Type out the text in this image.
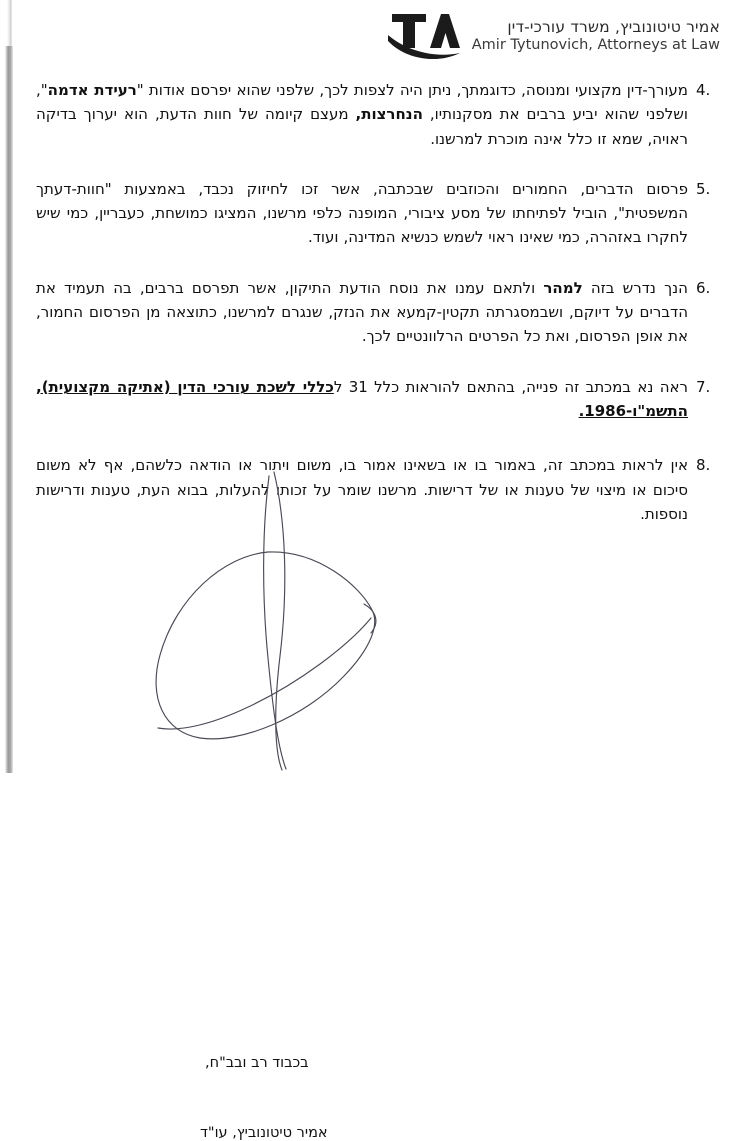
אמיר טיטונוביץ, משרד עורכי-דין
Amir Tytunovich, Attorneys at Law
4.
מעורך-דין מקצועי ומנוסה, כדוגמתך, ניתן היה לצפות לכך, שלפני שהוא יפרסם אודות "רעידת אדמה", ושלפני שהוא יביע ברבים את מסקנותיו, הנחרצות, מעצם קיומה של חוות הדעת, הוא יערוך בדיקה ראויה, שמא זו כלל אינה מוכרת למרשנו.
5.
פרסום הדברים, החמורים והכוזבים שבכתבה, אשר זכו לחיזוק נכבד, באמצעות "חוות-דעתך המשפטית", הוביל לפתיחתו של מסע ציבורי, המופנה כלפי מרשנו, המציגו כמושחת, כעבריין, כמי שיש לחקרו באזהרה, כמי שאינו ראוי לשמש כנשיא המדינה, ועוד.
6.
הנך נדרש בזה למהר ולתאם עמנו את נוסח הודעת התיקון, אשר תפרסם ברבים, בה תעמיד את הדברים על דיוקם, ושבמסגרתה תקטין-קמעא את הנזק, שנגרם למרשנו, כתוצאה מן הפרסום החמור, את אופן הפרסום, ואת כל הפרטים הרלוונטיים לכך.
7.
ראה נא במכתב זה פנייה, בהתאם להוראות כלל 31 לכללי לשכת עורכי הדין (אתיקה מקצועית), התשמ"ו-1986.
8.
אין לראות במכתב זה, באמור בו או בשאינו אמור בו, משום ויתור או הודאה כלשהם, אף לא משום סיכום או מיצוי של טענות או של דרישות. מרשנו שומר על זכותו להעלות, בבוא העת, טענות ודרישות נוספות.
בכבוד רב ובב"ח,
אמיר טיטונוביץ, עו"ד
